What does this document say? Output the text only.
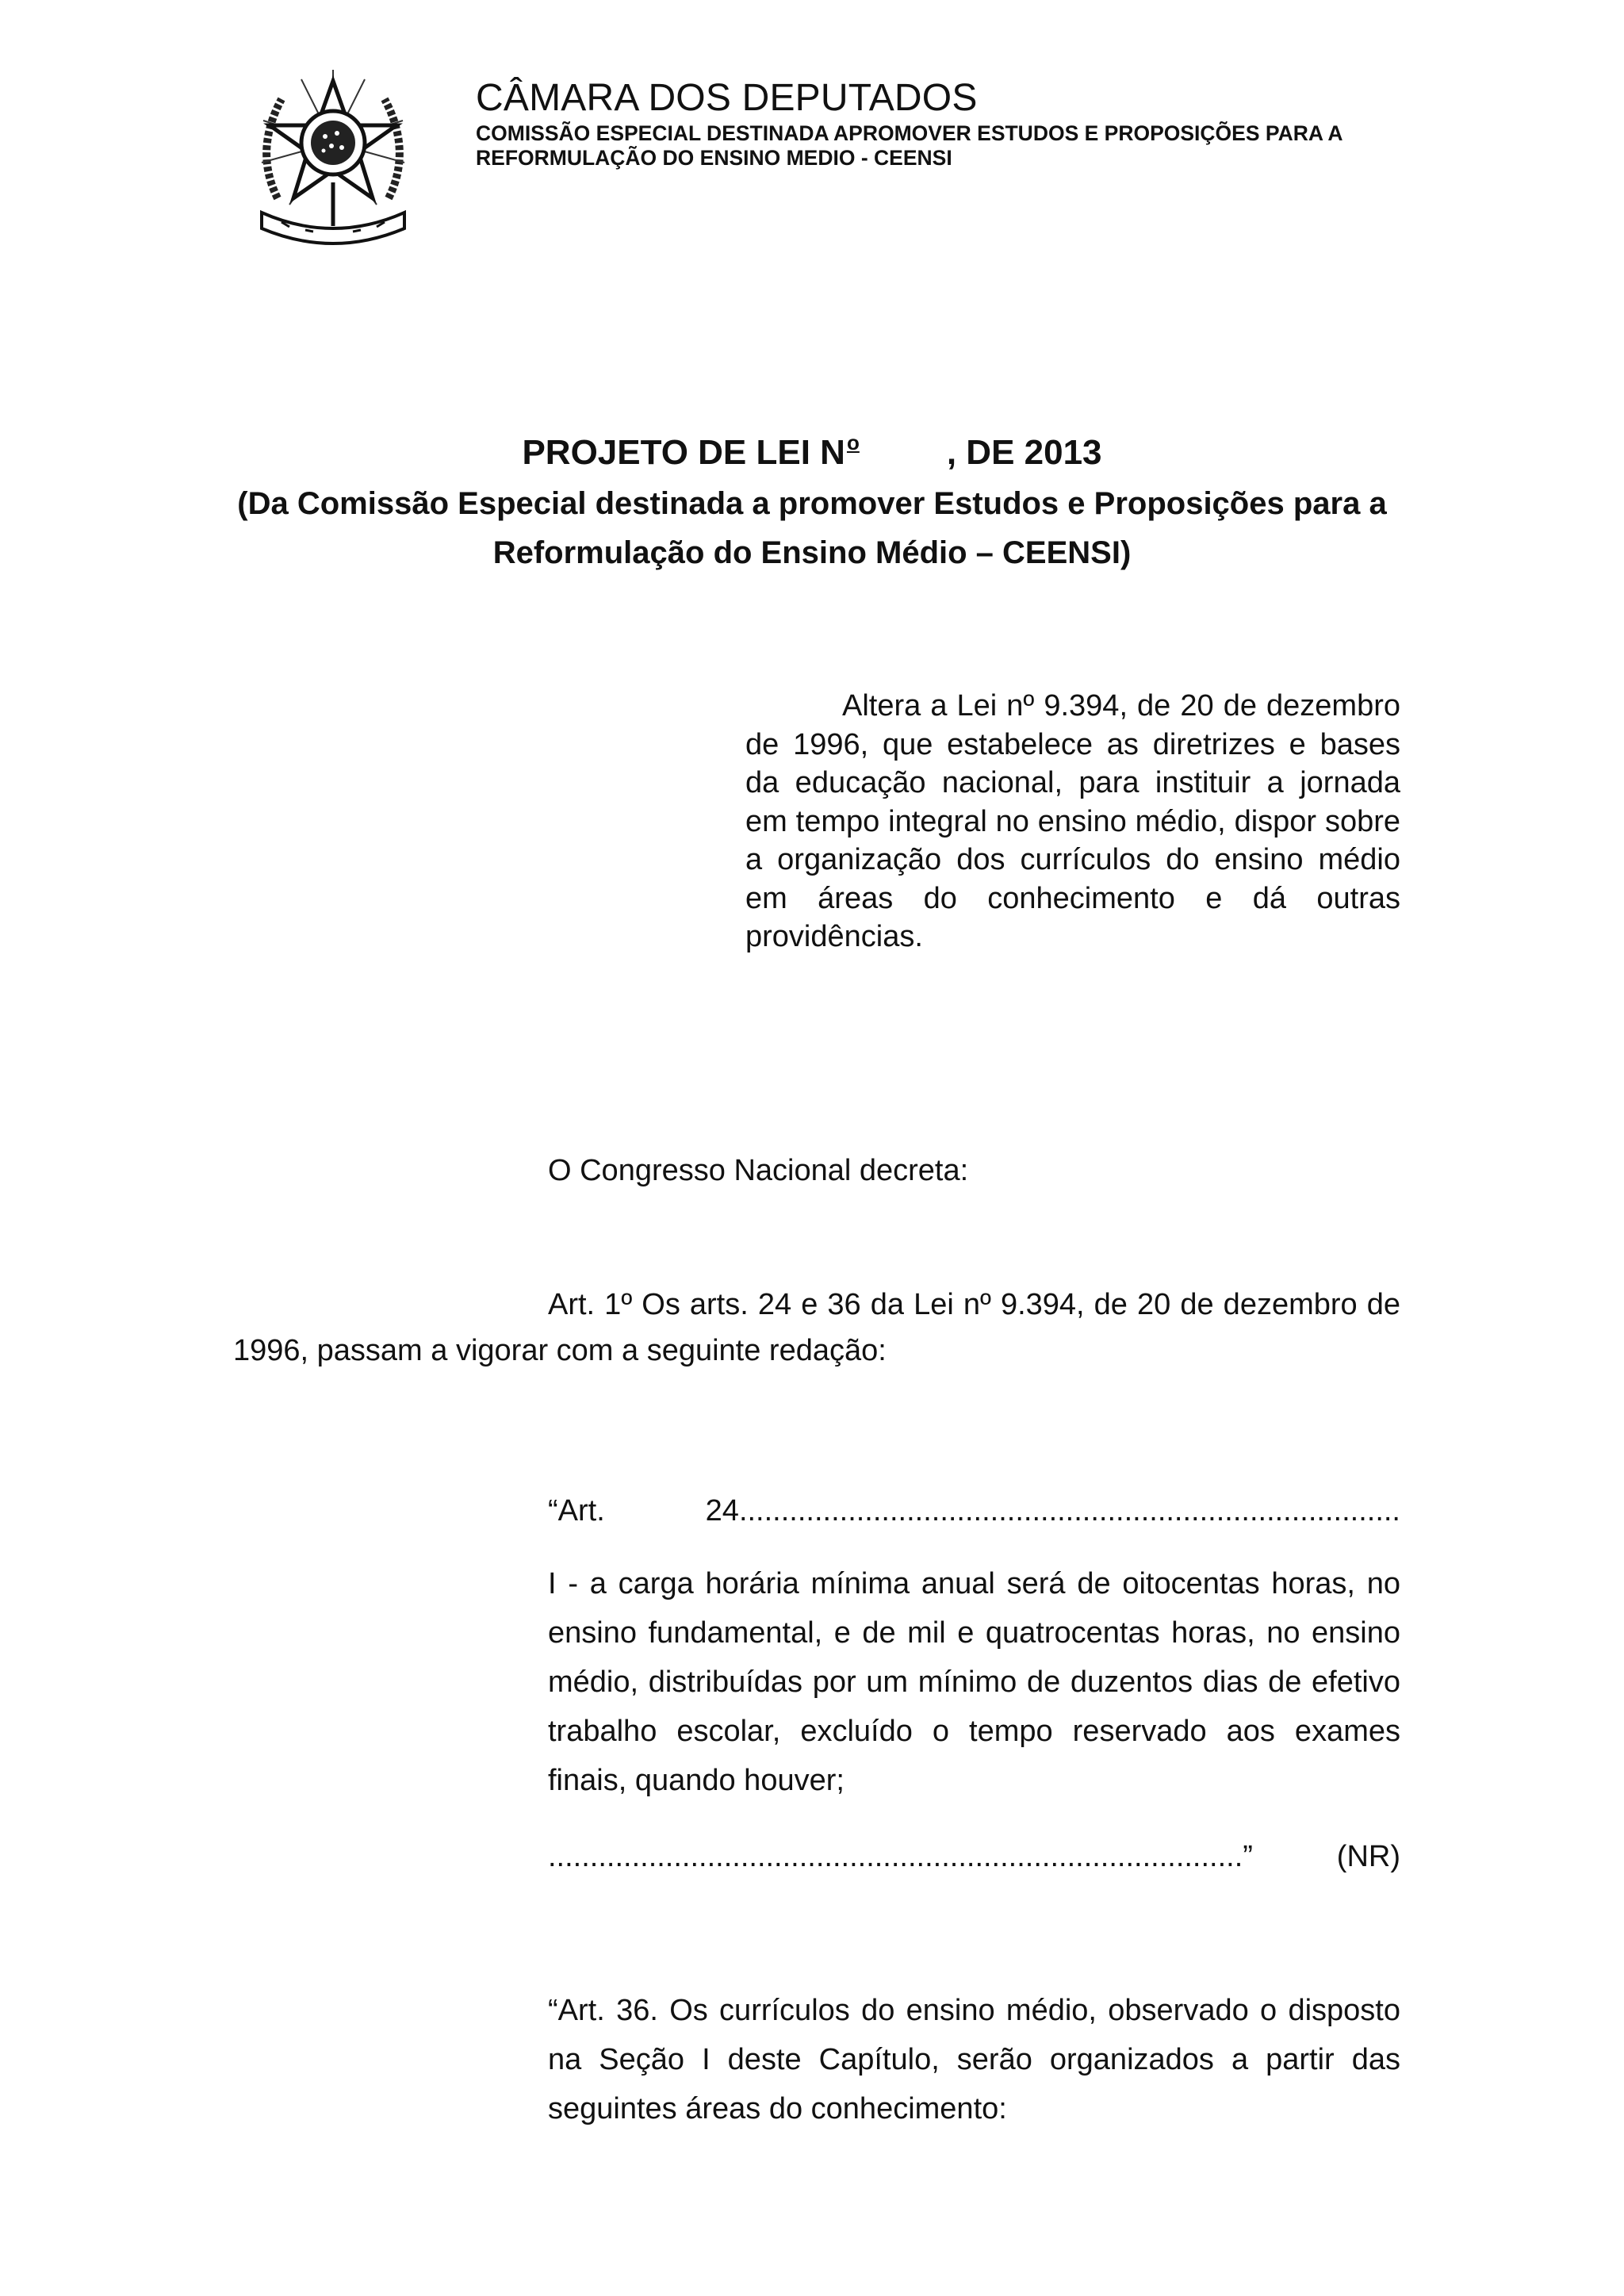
CÂMARA DOS DEPUTADOS
COMISSÃO ESPECIAL DESTINADA APROMOVER ESTUDOS E PROPOSIÇÕES PARA A REFORMULAÇÃO DO ENSINO MEDIO - CEENSI
PROJETO DE LEI $N^o$	, DE 2013
(Da Comissão Especial destinada a promover Estudos e Proposições para a Reformulação do Ensino Médio – CEENSI)

Altera a Lei nº 9.394, de 20 de dezembro de 1996, que estabelece as diretrizes e bases da educação nacional, para instituir a jornada em tempo integral no ensino médio, dispor sobre a organização dos currículos do ensino médio em áreas do conhecimento e dá outras providências.

O Congresso Nacional decreta:

Art. 1º Os arts. 24 e 36 da Lei nº 9.394, de 20 de dezembro de 1996, passam a vigorar com a seguinte redação:

“Art. 24...............................................................................

I - a carga horária mínima anual será de oitocentas horas, no ensino fundamental, e de mil e quatrocentas horas, no ensino médio, distribuídas por um mínimo de duzentos dias de efetivo trabalho escolar, excluído o tempo reservado aos exames finais, quando houver;

...................................................................................” (NR)

“Art. 36. Os currículos do ensino médio, observado o disposto na Seção I deste Capítulo, serão organizados a partir das seguintes áreas do conhecimento:
